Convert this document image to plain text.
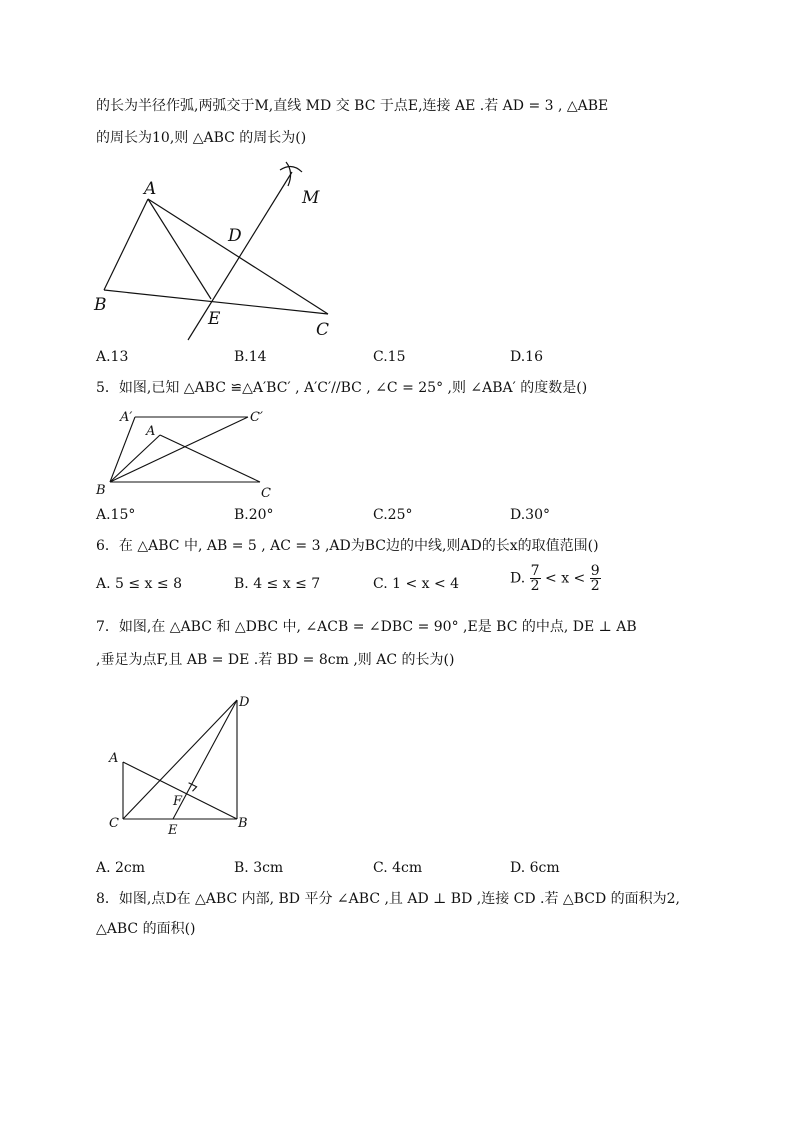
的长为半径作弧,两弧交于M,直线 MD 交 BC 于点E,连接 AE .若 AD = 3 , △ABE
的周长为10,则 △ABC 的周长为()
A
B
C
D
E
M
A.13	B.14	C.15	D.16
5．如图,已知 △ABC ≌△A′BC′ , A′C′//BC , ∠C = 25° ,则 ∠ABA′ 的度数是()
A′	C′
A
B	C
A.15°	B.20°	C.25°	D.30°
6．在 △ABC 中, AB = 5 , AC = 3 ,AD为BC边的中线,则AD的长x的取值范围()
A. 5 ≤ x ≤ 8	B. 4 ≤ x ≤ 7	C. 1 < x < 4	D. $\frac{7}{2} < x < \frac{9}{2}$
7．如图,在 △ABC 和 △DBC 中, ∠ACB = ∠DBC = 90° ,E是 BC 的中点, DE ⊥ AB
,垂足为点F,且 AB = DE .若 BD = 8cm ,则 AC 的长为()
D
A
F
C	E	B
A. 2cm	B. 3cm	C. 4cm	D. 6cm
8．如图,点D在 △ABC 内部, BD 平分 ∠ABC ,且 AD ⊥ BD ,连接 CD .若 △BCD 的面积为2,
△ABC 的面积()
